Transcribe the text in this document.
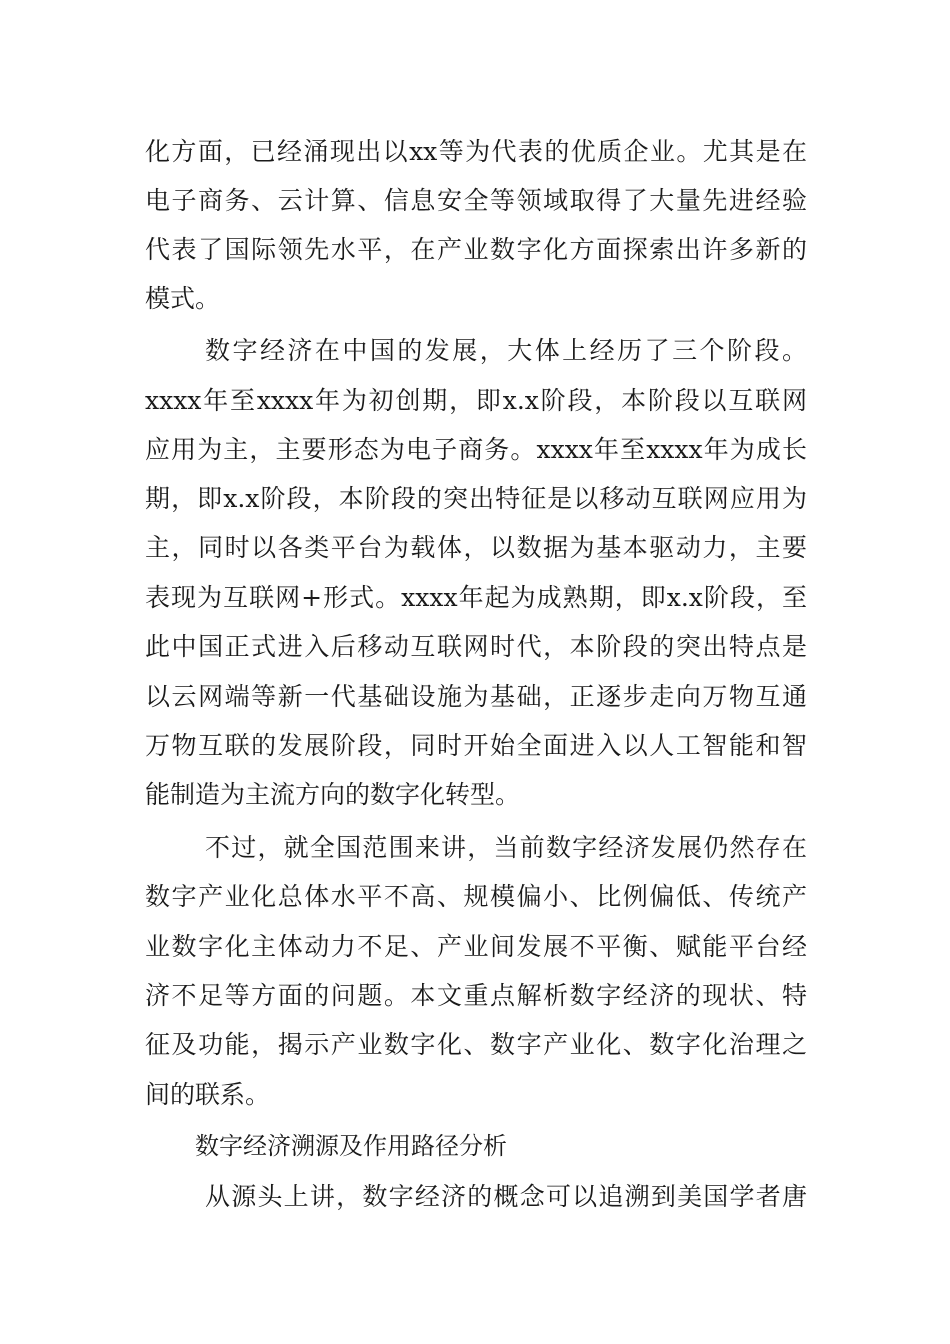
化方面，已经涌现出以xx等为代表的优质企业。尤其是在
电子商务、云计算、信息安全等领域取得了大量先进经验
代表了国际领先水平，在产业数字化方面探索出许多新的
模式。
数字经济在中国的发展，大体上经历了三个阶段。
xxxx年至xxxx年为初创期，即x.x阶段，本阶段以互联网
应用为主，主要形态为电子商务。xxxx年至xxxx年为成长
期，即x.x阶段，本阶段的突出特征是以移动互联网应用为
主，同时以各类平台为载体，以数据为基本驱动力，主要
表现为互联网+形式。xxxx年起为成熟期，即x.x阶段，至
此中国正式进入后移动互联网时代，本阶段的突出特点是
以云网端等新一代基础设施为基础，正逐步走向万物互通
万物互联的发展阶段，同时开始全面进入以人工智能和智
能制造为主流方向的数字化转型。
不过，就全国范围来讲，当前数字经济发展仍然存在
数字产业化总体水平不高、规模偏小、比例偏低、传统产
业数字化主体动力不足、产业间发展不平衡、赋能平台经
济不足等方面的问题。本文重点解析数字经济的现状、特
征及功能，揭示产业数字化、数字产业化、数字化治理之
间的联系。
数字经济溯源及作用路径分析
从源头上讲，数字经济的概念可以追溯到美国学者唐
